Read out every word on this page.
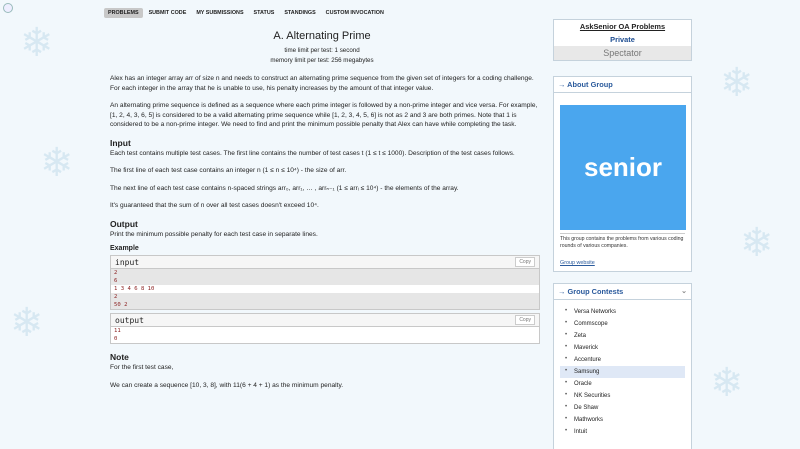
❄
❄
❄
❄
❄
❄
PROBLEMS	SUBMIT CODE	MY SUBMISSIONS	STATUS	STANDINGS	CUSTOM INVOCATION
A. Alternating Prime
time limit per test: 1 second
memory limit per test: 256 megabytes
Alex has an integer array arr of size n and needs to construct an alternating prime sequence from the given set of integers for a coding challenge. For each integer in the array that he is unable to use, his penalty increases by the amount of that integer value.
An alternating prime sequence is defined as a sequence where each prime integer is followed by a non-prime integer and vice versa. For example, [1, 2, 4, 3, 6, 5] is considered to be a valid alternating prime sequence while [1, 2, 3, 4, 5, 6] is not as 2 and 3 are both primes. Note that 1 is considered to be a non-prime integer. We need to find and print the minimum possible penalty that Alex can have while completing the task.
Input
Each test contains multiple test cases. The first line contains the number of test cases t (1 ≤ t ≤ 1000). Description of the test cases follows.
The first line of each test case contains an integer n (1 ≤ n ≤ 10⁴) - the size of arr.
The next line of each test case contains n-spaced strings arr₀, arr₁, … , arrₙ₋₁ (1 ≤ arrᵢ ≤ 10⁴) - the elements of the array.
It's guaranteed that the sum of n over all test cases doesn't exceed 10⁴.
Output
Print the minimum possible penalty for each test case in separate lines.
Example
input	Copy
2
6
1 3 4 6 8 10
2
50 2
output	Copy
11
0
Note
For the first test case,
We can create a sequence [10, 3, 8], with 11(6 + 4 + 1) as the minimum penalty.
AskSenior OA Problems
Private
Spectator
→ About Group
senior
This group contains the problems from various coding rounds of various companies.
Group website
→ Group Contests	⌄
• Versa Networks
• Commscope
• Zeta
• Maverick
• Accenture
• Samsung
• Oracle
• NK Securities
• De Shaw
• Mathworks
• Intuit
